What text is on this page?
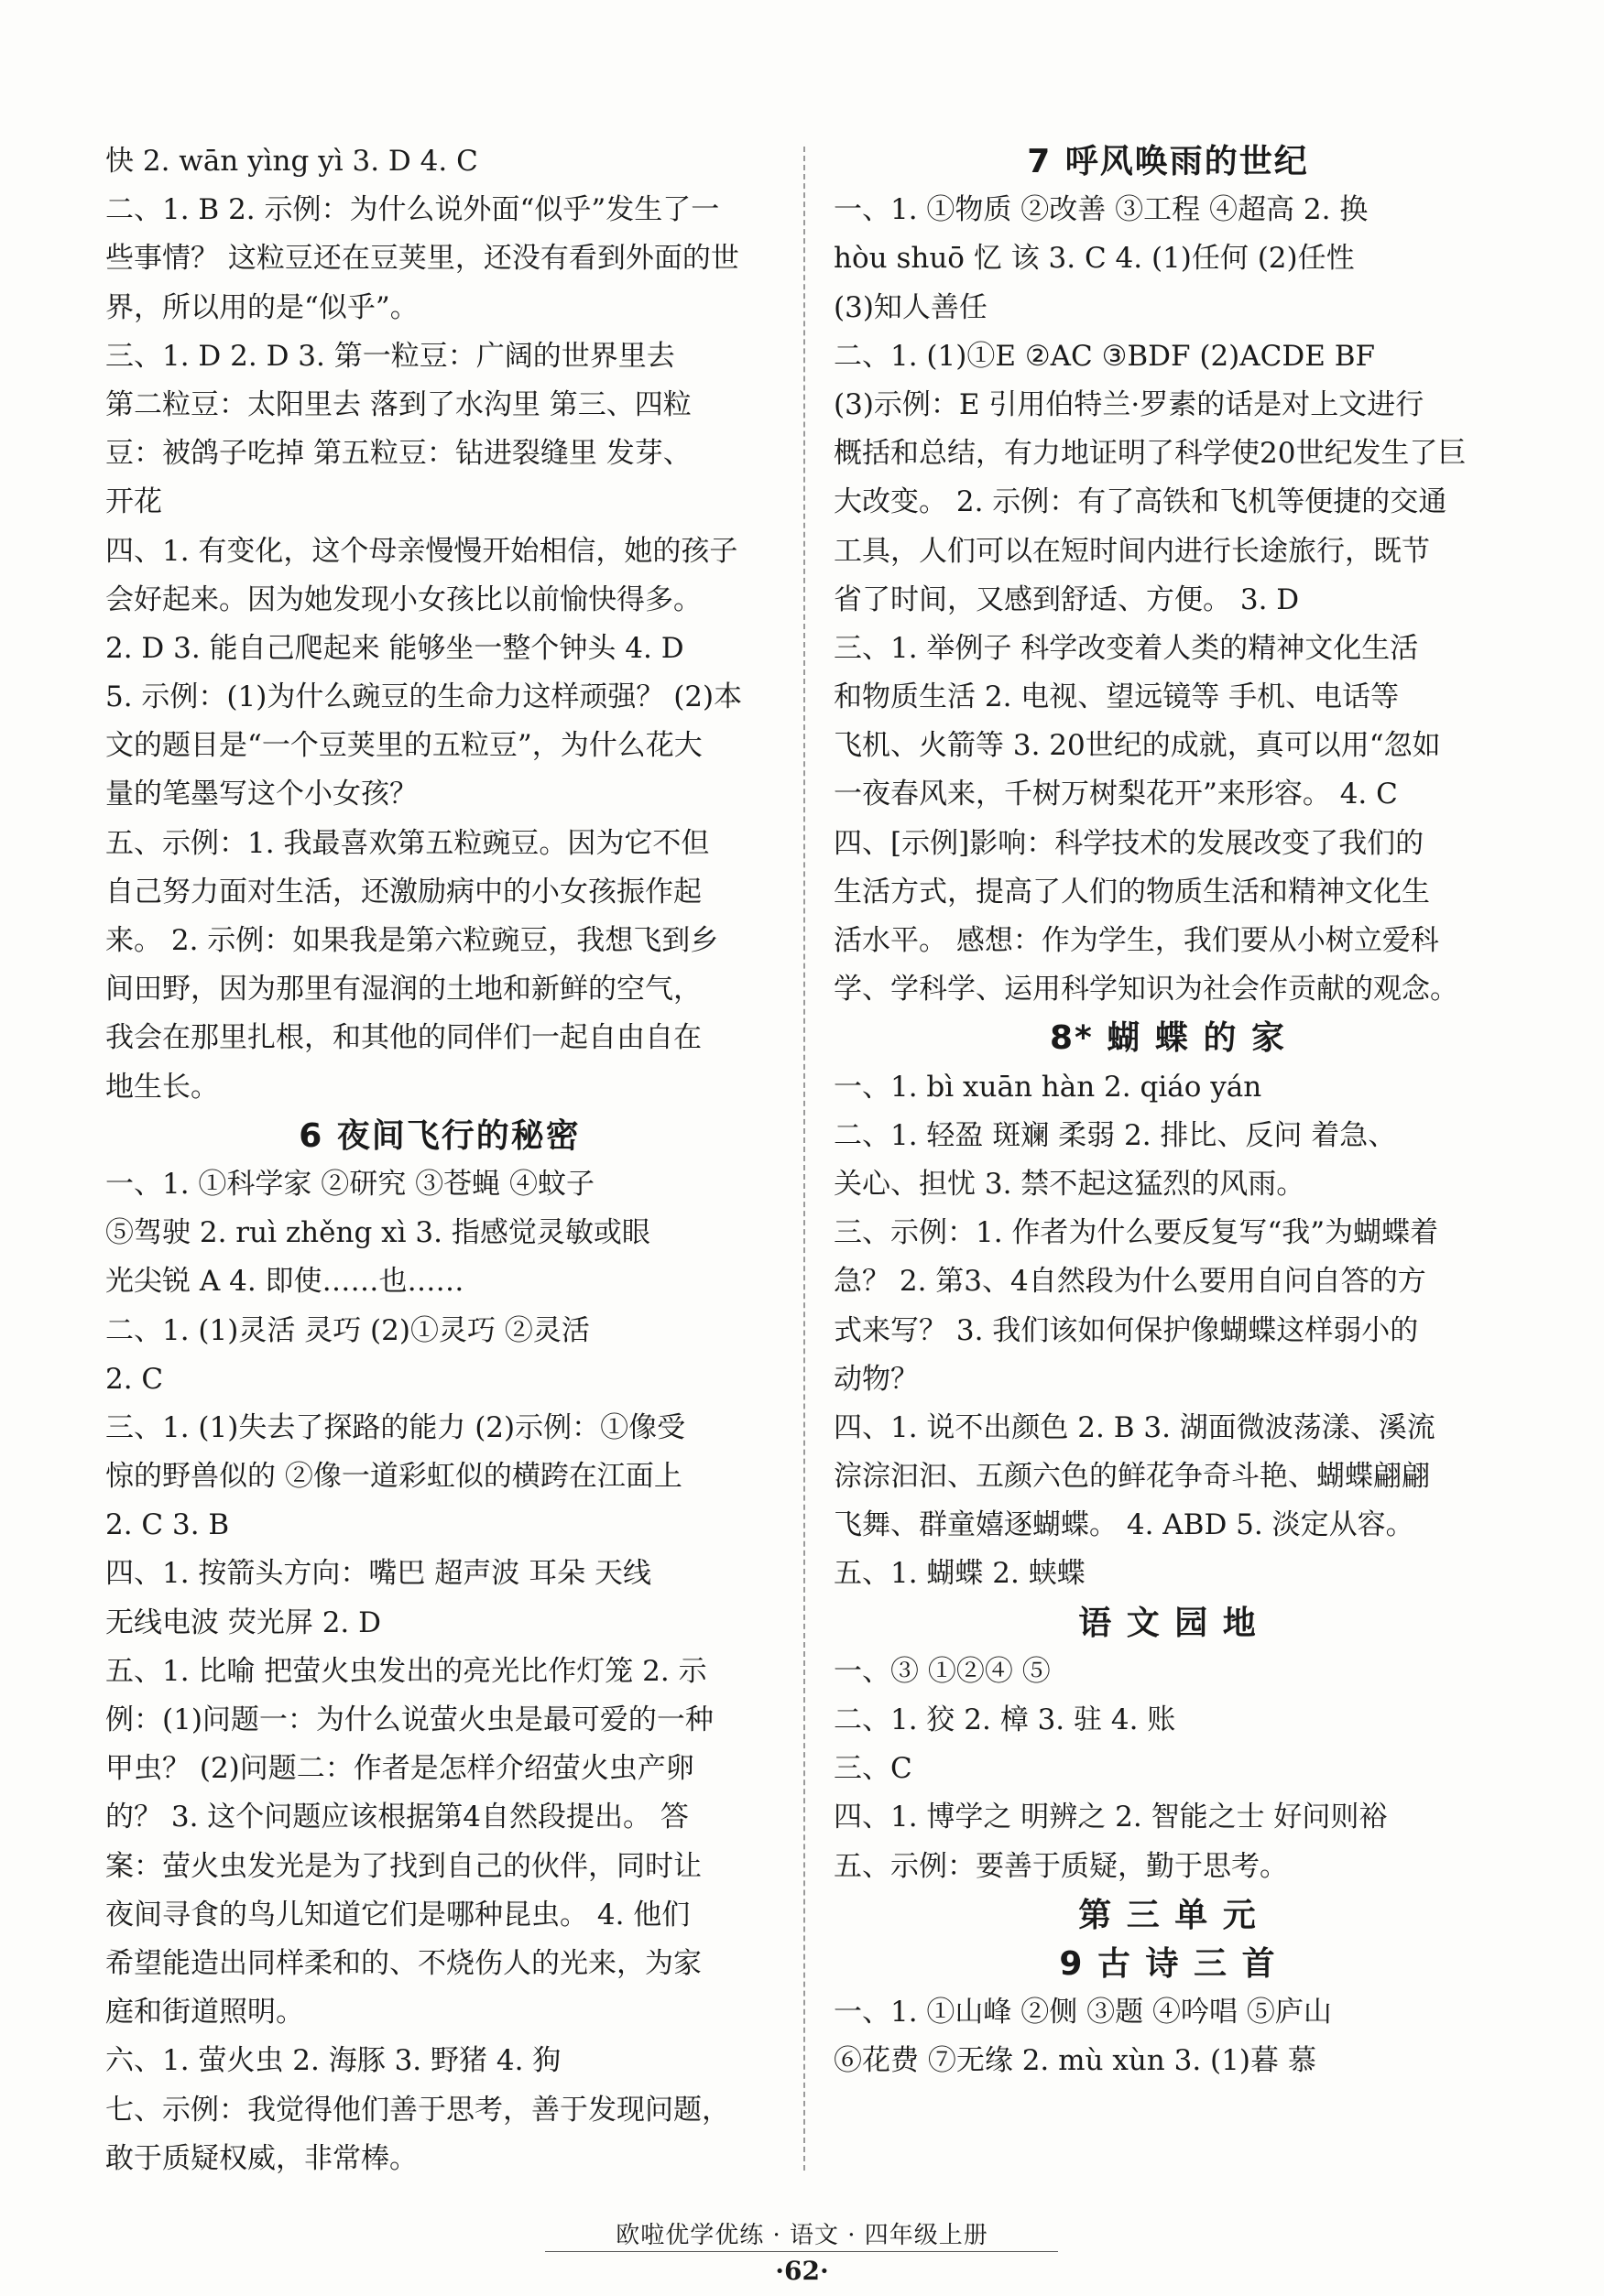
快 2. wān yìng yì 3. D 4. C
二、1. B 2. 示例：为什么说外面“似乎”发生了一
些事情？ 这粒豆还在豆荚里，还没有看到外面的世
界，所以用的是“似乎”。
三、1. D 2. D 3. 第一粒豆：广阔的世界里去
第二粒豆：太阳里去 落到了水沟里 第三、四粒
豆：被鸽子吃掉 第五粒豆：钻进裂缝里 发芽、
开花
四、1. 有变化，这个母亲慢慢开始相信，她的孩子
会好起来。因为她发现小女孩比以前愉快得多。
2. D 3. 能自己爬起来 能够坐一整个钟头 4. D
5. 示例：(1)为什么豌豆的生命力这样顽强？ (2)本
文的题目是“一个豆荚里的五粒豆”，为什么花大
量的笔墨写这个小女孩？
五、示例：1. 我最喜欢第五粒豌豆。因为它不但
自己努力面对生活，还激励病中的小女孩振作起
来。 2. 示例：如果我是第六粒豌豆，我想飞到乡
间田野，因为那里有湿润的土地和新鲜的空气，
我会在那里扎根，和其他的同伴们一起自由自在
地生长。
6 夜间飞行的秘密
一、1. ①科学家 ②研究 ③苍蝇 ④蚊子
⑤驾驶 2. ruì zhěng xì 3. 指感觉灵敏或眼
光尖锐 A 4. 即使……也……
二、1. (1)灵活 灵巧 (2)①灵巧 ②灵活
2. C
三、1. (1)失去了探路的能力 (2)示例：①像受
惊的野兽似的 ②像一道彩虹似的横跨在江面上
2. C 3. B
四、1. 按箭头方向：嘴巴 超声波 耳朵 天线
无线电波 荧光屏 2. D
五、1. 比喻 把萤火虫发出的亮光比作灯笼 2. 示
例：(1)问题一：为什么说萤火虫是最可爱的一种
甲虫？ (2)问题二：作者是怎样介绍萤火虫产卵
的？ 3. 这个问题应该根据第4自然段提出。 答
案：萤火虫发光是为了找到自己的伙伴，同时让
夜间寻食的鸟儿知道它们是哪种昆虫。 4. 他们
希望能造出同样柔和的、不烧伤人的光来，为家
庭和街道照明。
六、1. 萤火虫 2. 海豚 3. 野猪 4. 狗
七、示例：我觉得他们善于思考，善于发现问题，
敢于质疑权威，非常棒。
7 呼风唤雨的世纪
一、1. ①物质 ②改善 ③工程 ④超高 2. 换
hòu shuō 忆 该 3. C 4. (1)任何 (2)任性
(3)知人善任
二、1. (1)①E ②AC ③BDF (2)ACDE BF
(3)示例：E 引用伯特兰·罗素的话是对上文进行
概括和总结，有力地证明了科学使20世纪发生了巨
大改变。 2. 示例：有了高铁和飞机等便捷的交通
工具，人们可以在短时间内进行长途旅行，既节
省了时间，又感到舒适、方便。 3. D
三、1. 举例子 科学改变着人类的精神文化生活
和物质生活 2. 电视、望远镜等 手机、电话等
飞机、火箭等 3. 20世纪的成就，真可以用“忽如
一夜春风来，千树万树梨花开”来形容。 4. C
四、[示例]影响：科学技术的发展改变了我们的
生活方式，提高了人们的物质生活和精神文化生
活水平。 感想：作为学生，我们要从小树立爱科
学、学科学、运用科学知识为社会作贡献的观念。
8* 蝴 蝶 的 家
一、1. bì xuān hàn 2. qiáo yán
二、1. 轻盈 斑斓 柔弱 2. 排比、反问 着急、
关心、担忧 3. 禁不起这猛烈的风雨。
三、示例：1. 作者为什么要反复写“我”为蝴蝶着
急？ 2. 第3、4自然段为什么要用自问自答的方
式来写？ 3. 我们该如何保护像蝴蝶这样弱小的
动物？
四、1. 说不出颜色 2. B 3. 湖面微波荡漾、溪流
淙淙汩汩、五颜六色的鲜花争奇斗艳、蝴蝶翩翩
飞舞、群童嬉逐蝴蝶。 4. ABD 5. 淡定从容。
五、1. 蝴蝶 2. 蛱蝶
语 文 园 地
一、③ ①②④ ⑤
二、1. 狡 2. 樟 3. 驻 4. 账
三、C
四、1. 博学之 明辨之 2. 智能之士 好问则裕
五、示例：要善于质疑，勤于思考。
第 三 单 元
9 古 诗 三 首
一、1. ①山峰 ②侧 ③题 ④吟唱 ⑤庐山
⑥花费 ⑦无缘 2. mù xùn 3. (1)暮 慕
欧啦优学优练 · 语文 · 四年级上册
·62·
